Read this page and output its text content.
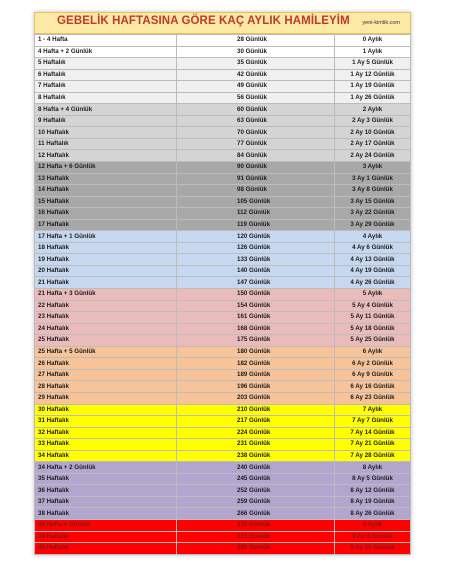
GEBELİK HAFTASINA GÖRE KAÇ AYLIK HAMİLEYİM yeni-kimlik.com
1 - 4 Hafta	28 Günlük	0 Aylık
4 Hafta + 2 Günlük	30 Günlük	1 Aylık
5 Haftalık	35 Günlük	1 Ay 5 Günlük
6 Haftalık	42 Günlük	1 Ay 12 Günlük
7 Haftalık	49 Günlük	1 Ay 19 Günlük
8 Haftalık	56 Günlük	1 Ay 26 Günlük
8 Hafta + 4 Günlük	60 Günlük	2 Aylık
9 Haftalık	63 Günlük	2 Ay 3 Günlük
10 Haftalık	70 Günlük	2 Ay 10 Günlük
11 Haftalık	77 Günlük	2 Ay 17 Günlük
12 Haftalık	84 Günlük	2 Ay 24 Günlük
12 Hafta + 6 Günlük	90 Günlük	3 Aylık
13 Haftalık	91 Günlük	3 Ay 1 Günlük
14 Haftalık	98 Günlük	3 Ay 8 Günlük
15 Haftalık	105 Günlük	3 Ay 15 Günlük
16 Haftalık	112 Günlük	3 Ay 22 Günlük
17 Haftalık	119 Günlük	3 Ay 29 Günlük
17 Hafta + 1 Günlük	120 Günlük	4 Aylık
18 Haftalık	126 Günlük	4 Ay 6 Günlük
19 Haftalık	133 Günlük	4 Ay 13 Günlük
20 Haftalık	140 Günlük	4 Ay 19 Günlük
21 Haftalık	147 Günlük	4 Ay 26 Günlük
21 Hafta + 3 Günlük	150 Günlük	5 Aylık
22 Haftalık	154 Günlük	5 Ay 4 Günlük
23 Haftalık	161 Günlük	5 Ay 11 Günlük
24 Haftalık	168 Günlük	5 Ay 18 Günlük
25 Haftalık	175 Günlük	5 Ay 25 Günlük
25 Hafta + 5 Günlük	180 Günlük	6 Aylık
26 Haftalık	182 Günlük	6 Ay 2 Günlük
27 Haftalık	189 Günlük	6 Ay 9 Günlük
28 Haftalık	196 Günlük	6 Ay 16 Günlük
29 Haftalık	203 Günlük	6 Ay 23 Günlük
30 Haftalık	210 Günlük	7 Aylık
31 Haftalık	217 Günlük	7 Ay 7 Günlük
32 Haftalık	224 Günlük	7 Ay 14 Günlük
33 Haftalık	231 Günlük	7 Ay 21 Günlük
34 Haftalık	238 Günlük	7 Ay 28 Günlük
34 Hafta + 2 Günlük	240 Günlük	8 Aylık
35 Haftalık	245 Günlük	8 Ay 5 Günlük
36 Haftalık	252 Günlük	8 Ay 12 Günlük
37 Haftalık	259 Günlük	8 Ay 19 Günlük
38 Haftalık	266 Günlük	8 Ay 26 Günlük
38 Hafta 4 Günlük	270 Günlük	9 Aylık
39 Haftalık	273 Günlük	9 Ay 3 Günlük
40 Haftalık	280 Günlük	9 Ay 10 Günlük
